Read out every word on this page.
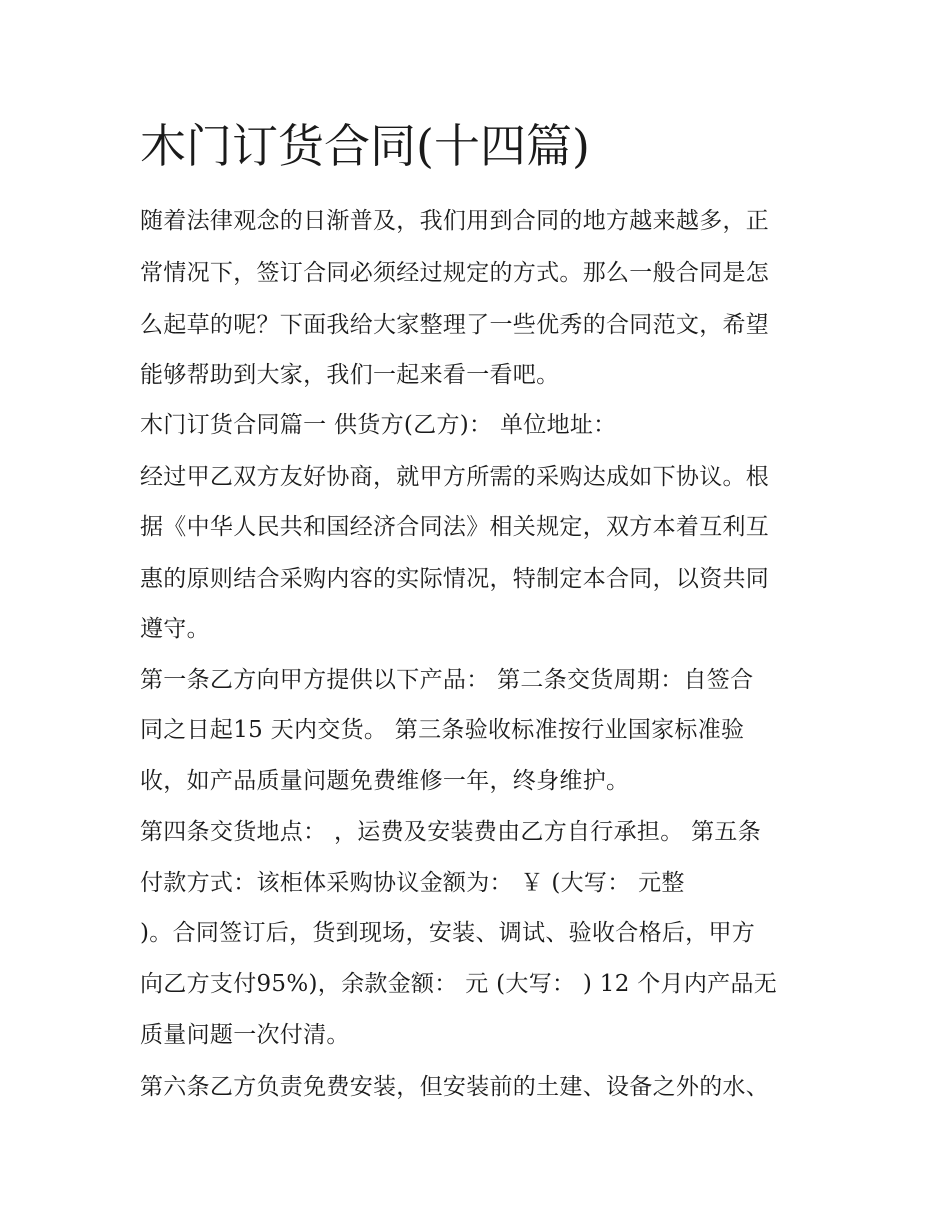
木门订货合同(十四篇)

随着法律观念的日渐普及，我们用到合同的地方越来越多，正

常情况下，签订合同必须经过规定的方式。那么一般合同是怎

么起草的呢？下面我给大家整理了一些优秀的合同范文，希望

能够帮助到大家，我们一起来看一看吧。

木门订货合同篇一 供货方(乙方)： 单位地址：

经过甲乙双方友好协商，就甲方所需的采购达成如下协议。根

据《中华人民共和国经济合同法》相关规定，双方本着互利互

惠的原则结合采购内容的实际情况，特制定本合同，以资共同

遵守。

第一条乙方向甲方提供以下产品： 第二条交货周期：自签合

同之日起15 天内交货。 第三条验收标准按行业国家标准验

收，如产品质量问题免费维修一年，终身维护。

第四条交货地点： ，运费及安装费由乙方自行承担。 第五条

付款方式：该柜体采购协议金额为： ￥ (大写： 元整

)。合同签订后，货到现场，安装、调试、验收合格后，甲方

向乙方支付95%)，余款金额： 元 (大写： ) 12 个月内产品无

质量问题一次付清。

第六条乙方负责免费安装，但安装前的土建、设备之外的水、
